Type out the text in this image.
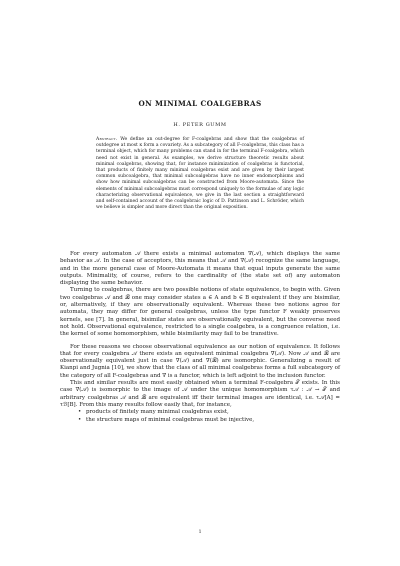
ON MINIMAL COALGEBRAS
H. PETER GUMM

Abstract. We define an out-degree for F-coalgebras and show that the coalgebras of outdegree at most κ form a covariety. As a subcategory of all F-coalgebras, this class has a terminal object, which for many problems can stand in for the terminal F-coalgebra, which need not exist in general. As examples, we derive structure theoretic results about minimal coalgebras, showing that, for instance minimization of coalgebras is functorial, that products of finitely many minimal coalgebras exist and are given by their largest common subcoalgebra, that minimal subcoalgebras have no inner endomorphisms and show how minimal subcoalgebras can be constructed from Moore-automata. Since the elements of minimal subcoalgebras must correspond uniquely to the formulae of any logic characterizing observational equivalence, we give in the last section a straightforward and self-contained account of the coalgebraic logic of D. Pattinson and L. Schröder, which we believe is simpler and more direct than the original exposition.

For every automaton 𝒜 there exists a minimal automaton ∇(𝒜), which displays the same behavior as 𝒜. In the case of acceptors, this means that 𝒜 and ∇(𝒜) recognize the same language, and in the more general case of Moore-Automata it means that equal inputs generate the same outputs. Minimality, of course, refers to the cardinality of (the state set of) any automaton displaying the same behavior.

Turning to coalgebras, there are two possible notions of state equivalence, to begin with. Given two coalgebras 𝒜 and ℬ one may consider states a ∈ A and b ∈ B equivalent if they are bisimilar, or, alternatively, if they are observationally equivalent. Whereas these two notions agree for automata, they may differ for general coalgebras, unless the type functor F weakly preserves kernels, see [7]. In general, bisimilar states are observationally equivalent, but the converse need not hold. Observational equivalence, restricted to a single coalgebra, is a congruence relation, i.e. the kernel of some homomorphism, while bisimilarity may fail to be transitive.

For these reasons we choose observational equivalence as our notion of equivalence. It follows that for every coalgebra 𝒜 there exists an equivalent minimal coalgebra ∇(𝒜). Now 𝒜 and ℬ are observationally equivalent just in case ∇(𝒜) and ∇(ℬ) are isomorphic. Generalizing a result of Kianpi and Jugnia [10], we show that the class of all minimal coalgebras forms a full subcategory of the category of all F-coalgebras and ∇ is a functor, which is left adjoint to the inclusion functor.

This and similar results are most easily obtained when a terminal F-coalgebra 𝒯 exists. In this case ∇(𝒜) is isomorphic to the image of 𝒜 under the unique homomorphism τ𝒜 : 𝒜 → 𝒯 and arbitrary coalgebras 𝒜 and ℬ are equivalent iff their terminal images are identical, i.e. τ𝒜[A] = τℬ[B]. From this many results follow easily that, for instance,

• products of finitely many minimal coalgebras exist,
• the structure maps of minimal coalgebras must be injective,
1
